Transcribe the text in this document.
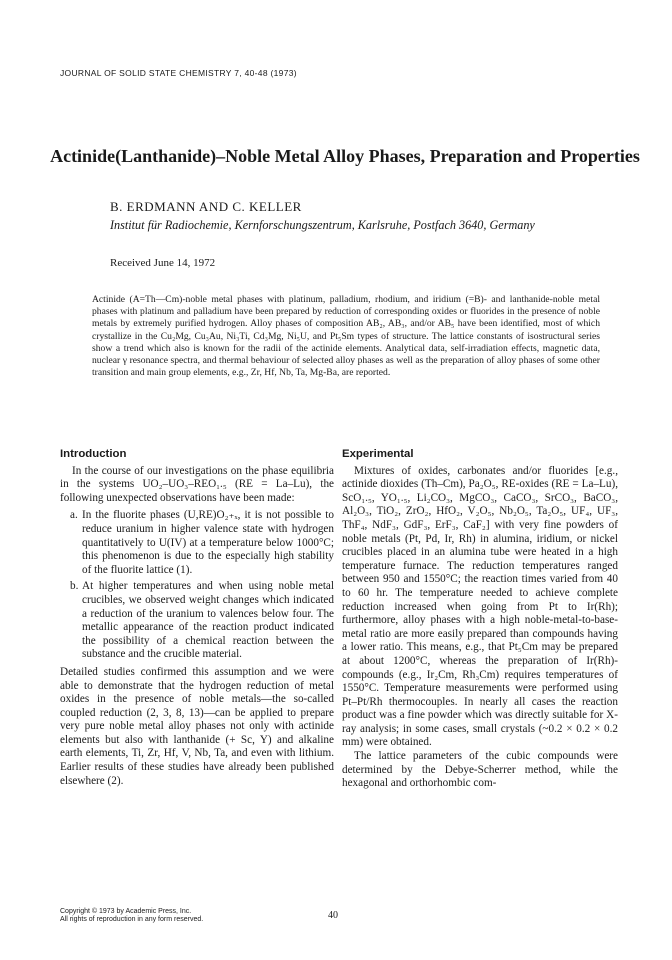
JOURNAL OF SOLID STATE CHEMISTRY 7, 40-48 (1973)
Actinide(Lanthanide)–Noble Metal Alloy Phases, Preparation and Properties
B. ERDMANN AND C. KELLER
Institut für Radiochemie, Kernforschungszentrum, Karlsruhe, Postfach 3640, Germany
Received June 14, 1972
Actinide (A=Th—Cm)-noble metal phases with platinum, palladium, rhodium, and iridium (=B)- and lanthanide-noble metal phases with platinum and palladium have been prepared by reduction of corresponding oxides or fluorides in the presence of noble metals by extremely purified hydrogen. Alloy phases of composition AB₂, AB₃, and/or AB₅ have been identified, most of which crystallize in the Cu₂Mg, Cu₃Au, Ni₃Ti, Cd₃Mg, Ni₅U, and Pt₅Sm types of structure. The lattice constants of isostructural series show a trend which also is known for the radii of the actinide elements. Analytical data, self-irradiation effects, magnetic data, nuclear γ resonance spectra, and thermal behaviour of selected alloy phases as well as the preparation of alloy phases of some other transition and main group elements, e.g., Zr, Hf, Nb, Ta, Mg-Ba, are reported.
Introduction

In the course of our investigations on the phase equilibria in the systems UO₂–UO₃–REO₁.₅ (RE = La–Lu), the following unexpected observations have been made:

a. In the fluorite phases (U,RE)O₂₊ₓ, it is not possible to reduce uranium in higher valence state with hydrogen quantitatively to U(IV) at a temperature below 1000°C; this phenomenon is due to the especially high stability of the fluorite lattice (1).
b. At higher temperatures and when using noble metal crucibles, we observed weight changes which indicated a reduction of the uranium to valences below four. The metallic appearance of the reaction product indicated the possibility of a chemical reaction between the substance and the crucible material.

Detailed studies confirmed this assumption and we were able to demonstrate that the hydrogen reduction of metal oxides in the presence of noble metals—the so-called coupled reduction (2, 3, 8, 13)—can be applied to prepare very pure noble metal alloy phases not only with actinide elements but also with lanthanide (+ Sc, Y) and alkaline earth elements, Ti, Zr, Hf, V, Nb, Ta, and even with lithium. Earlier results of these studies have already been published elsewhere (2).

Experimental

Mixtures of oxides, carbonates and/or fluorides [e.g., actinide dioxides (Th–Cm), Pa₂O₅, RE-oxides (RE = La–Lu), ScO₁.₅, YO₁.₅, Li₂CO₃, MgCO₃, CaCO₃, SrCO₃, BaCO₃, Al₂O₃, TiO₂, ZrO₂, HfO₂, V₂O₅, Nb₂O₅, Ta₂O₅, UF₄, UF₃, ThF₄, NdF₃, GdF₃, ErF₃, CaF₂] with very fine powders of noble metals (Pt, Pd, Ir, Rh) in alumina, iridium, or nickel crucibles placed in an alumina tube were heated in a high temperature furnace. The reduction temperatures ranged between 950 and 1550°C; the reaction times varied from 40 to 60 hr. The temperature needed to achieve complete reduction increased when going from Pt to Ir(Rh); furthermore, alloy phases with a high noble-metal-to-base-metal ratio are more easily prepared than compounds having a lower ratio. This means, e.g., that Pt₅Cm may be prepared at about 1200°C, whereas the preparation of Ir(Rh)-compounds (e.g., Ir₂Cm, Rh₃Cm) requires temperatures of 1550°C. Temperature measurements were performed using Pt–Pt/Rh thermocouples. In nearly all cases the reaction product was a fine powder which was directly suitable for X-ray analysis; in some cases, small crystals (~0.2 × 0.2 × 0.2 mm) were obtained.

The lattice parameters of the cubic compounds were determined by the Debye-Scherrer method, while the hexagonal and orthorhombic com-

Copyright © 1973 by Academic Press, Inc.
All rights of reproduction in any form reserved.	40
